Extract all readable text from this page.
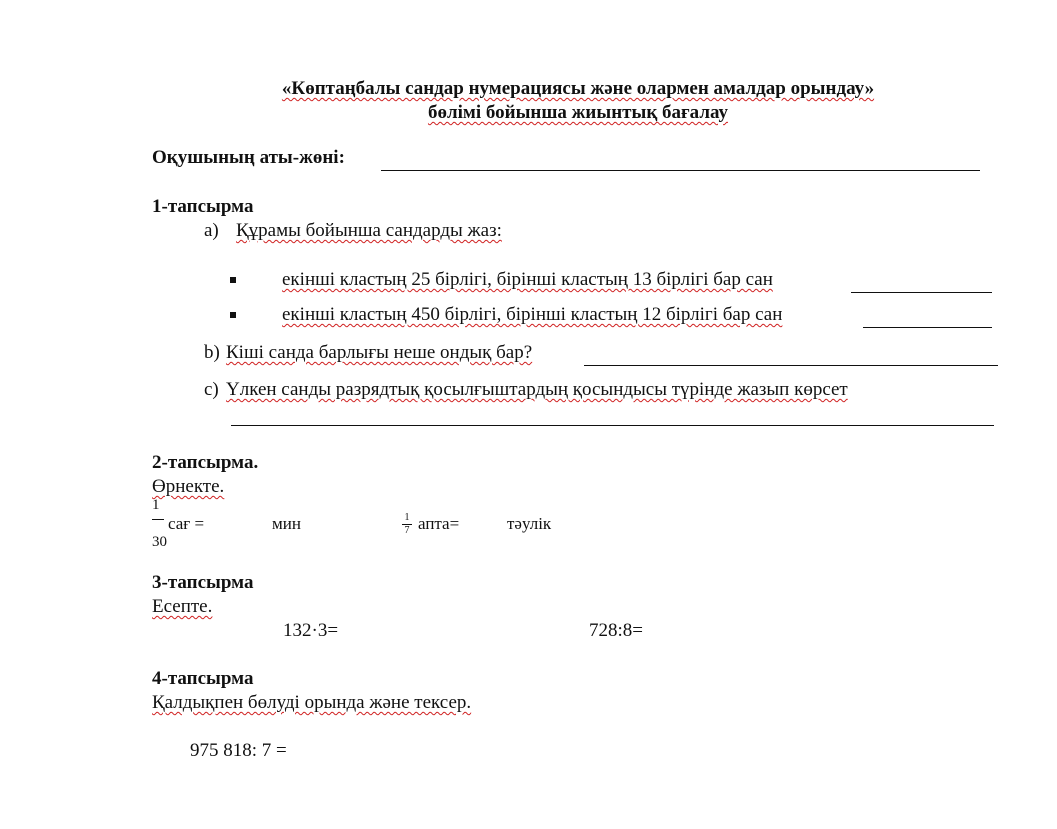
«Көптаңбалы сандар нумерациясы және олармен амалдар орындау»
бөлімі бойынша жиынтық бағалау
Оқушының аты-жөні:
1-тапсырма
а) Құрамы бойынша сандарды жаз:
екінші кластың 25 бірлігі, бірінші кластың 13 бірлігі бар сан
екінші кластың 450 бірлігі, бірінші кластың 12 бірлігі бар сан
b) Кіші санда барлығы неше ондық бар?
c) Үлкен санды разрядтық қосылғыштардың қосындысы түрінде жазып көрсет
2-тапсырма.
Өрнекте.
1
30
сағ =	мин	1
7 апта=	тәулік
3-тапсырма
Есепте.
132·3=	728:8=
4-тапсырма
Қалдықпен бөлуді орында және тексер.
975 818: 7 =
